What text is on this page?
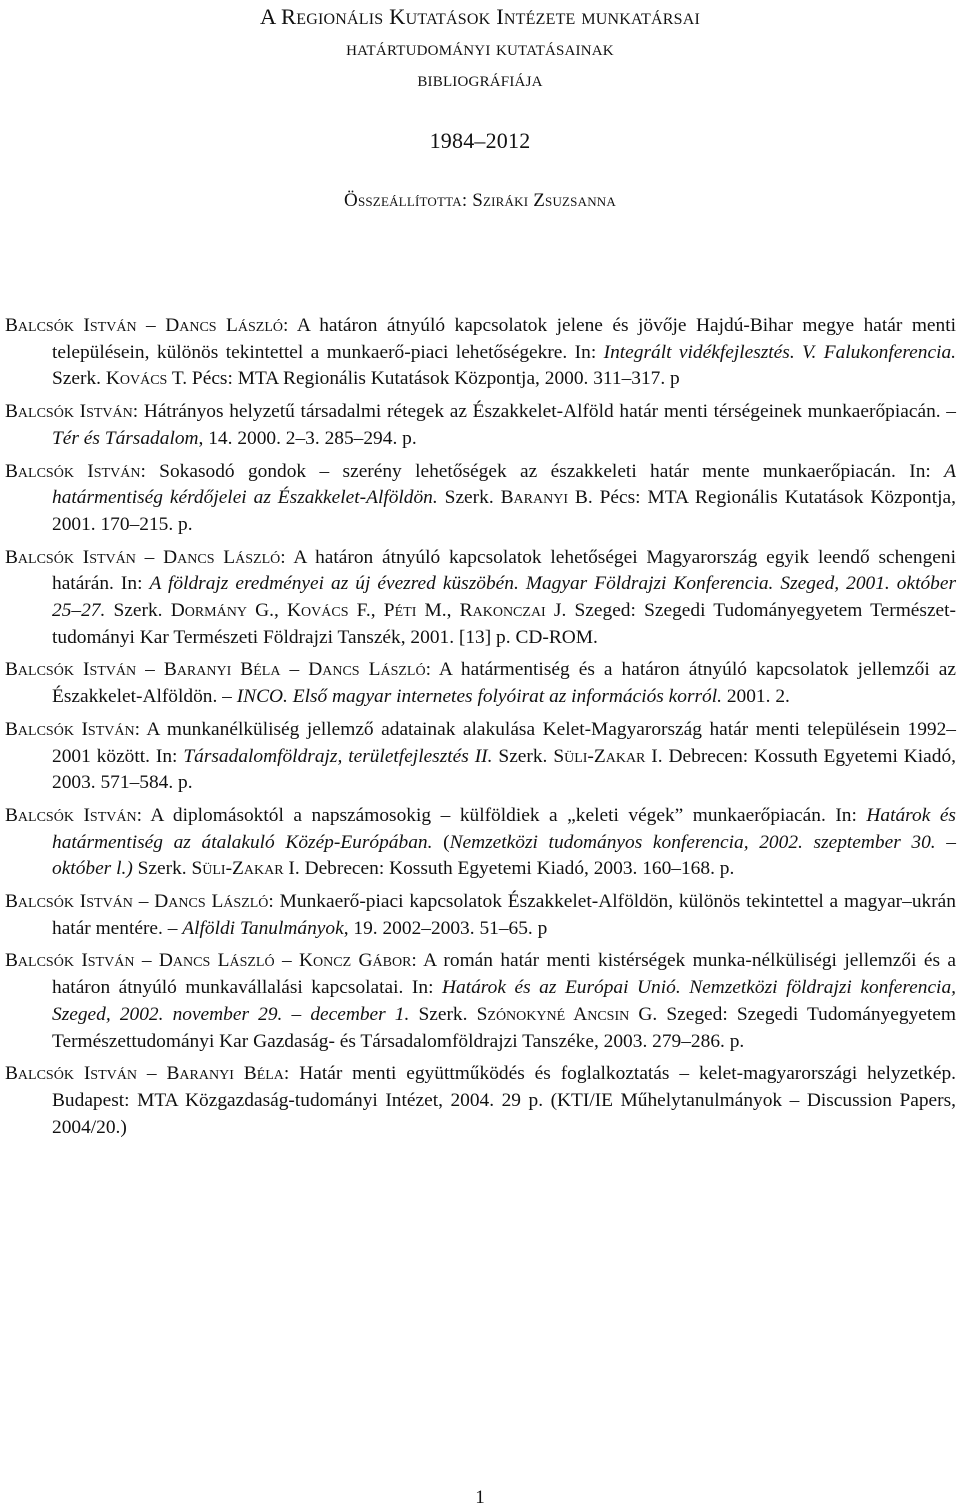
A Regionális Kutatások Intézete munkatársai
határtudományi kutatásainak
bibliográfiája
1984–2012
Összeállította: Sziráki Zsuzsanna

Balcsók István – Dancs László: A határon átnyúló kapcsolatok jelene és jövője Hajdú-Bihar megye határ menti településein, különös tekintettel a munkaerő-piaci lehetőségekre. In: Integrált vidékfejlesztés. V. Falukonferencia. Szerk. Kovács T. Pécs: MTA Regionális Kutatások Központja, 2000. 311–317. p

Balcsók István: Hátrányos helyzetű társadalmi rétegek az Északkelet-Alföld határ menti térségeinek munkaerőpiacán. – Tér és Társadalom, 14. 2000. 2–3. 285–294. p.

Balcsók István: Sokasodó gondok – szerény lehetőségek az északkeleti határ mente munkaerőpiacán. In: A határmentiség kérdőjelei az Északkelet-Alföldön. Szerk. Baranyi B. Pécs: MTA Regionális Kutatások Központja, 2001. 170–215. p.

Balcsók István – Dancs László: A határon átnyúló kapcsolatok lehetőségei Magyarország egyik leendő schengeni határán. In: A földrajz eredményei az új évezred küszöbén. Magyar Földrajzi Konferencia. Szeged, 2001. október 25–27. Szerk. Dormány G., Kovács F., Péti M., Rakonczai J. Szeged: Szegedi Tudományegyetem Természet-tudományi Kar Természeti Földrajzi Tanszék, 2001. [13] p. CD-ROM.

Balcsók István – Baranyi Béla – Dancs László: A határmentiség és a határon átnyúló kapcsolatok jellemzői az Északkelet-Alföldön. – INCO. Első magyar internetes folyóirat az információs korról. 2001. 2.

Balcsók István: A munkanélküliség jellemző adatainak alakulása Kelet-Magyarország határ menti településein 1992–2001 között. In: Társadalomföldrajz, területfejlesztés II. Szerk. Süli-Zakar I. Debrecen: Kossuth Egyetemi Kiadó, 2003. 571–584. p.

Balcsók István: A diplomásoktól a napszámosokig – külföldiek a „keleti végek” munkaerőpiacán. In: Határok és határmentiség az átalakuló Közép-Európában. (Nemzetközi tudományos konferencia, 2002. szeptember 30. – október l.) Szerk. Süli-Zakar I. Debrecen: Kossuth Egyetemi Kiadó, 2003. 160–168. p.

Balcsók István – Dancs László: Munkaerő-piaci kapcsolatok Északkelet-Alföldön, különös tekintettel a magyar–ukrán határ mentére. – Alföldi Tanulmányok, 19. 2002–2003. 51–65. p

Balcsók István – Dancs László – Koncz Gábor: A román határ menti kistérségek munka-nélküliségi jellemzői és a határon átnyúló munkavállalási kapcsolatai. In: Határok és az Európai Unió. Nemzetközi földrajzi konferencia, Szeged, 2002. november 29. – december 1. Szerk. Szónokyné Ancsin G. Szeged: Szegedi Tudományegyetem Természettudományi Kar Gazdaság- és Társadalomföldrajzi Tanszéke, 2003. 279–286. p.

Balcsók István – Baranyi Béla: Határ menti együttműködés és foglalkoztatás – kelet-magyarországi helyzetkép. Budapest: MTA Közgazdaság-tudományi Intézet, 2004. 29 p. (KTI/IE Műhelytanulmányok – Discussion Papers, 2004/20.)

1
